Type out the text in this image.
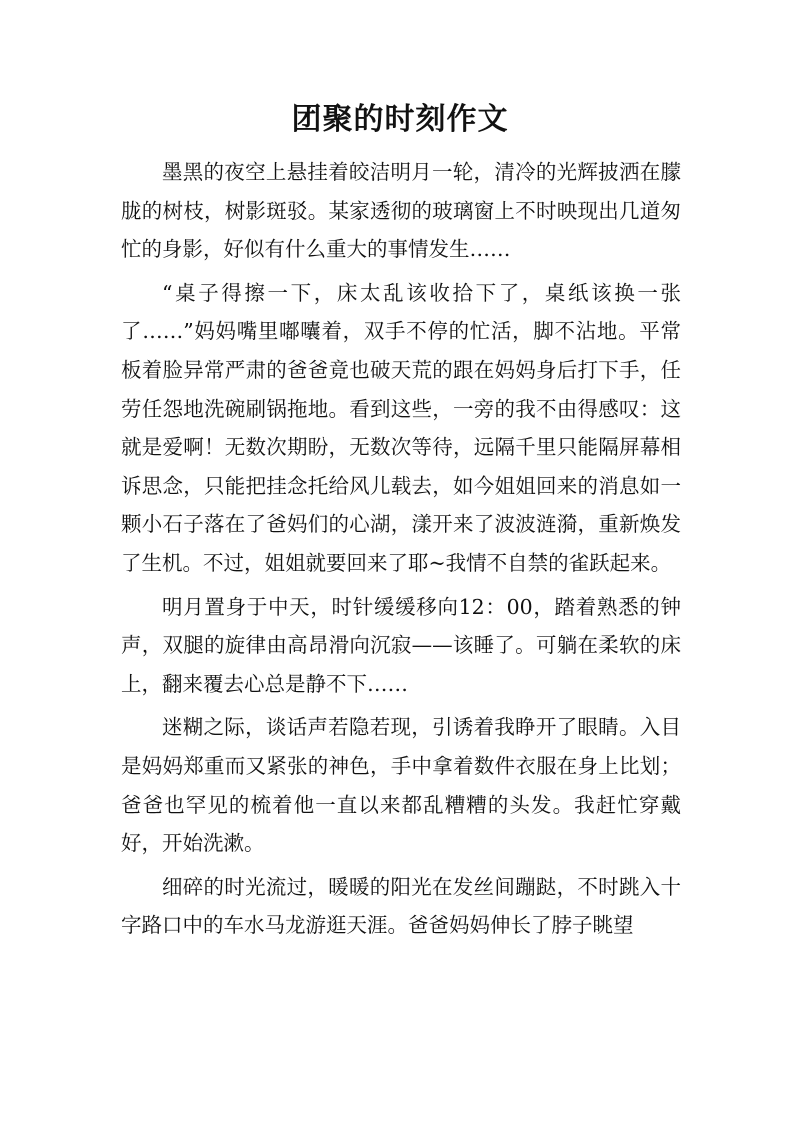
团聚的时刻作文

墨黑的夜空上悬挂着皎洁明月一轮，清冷的光辉披洒在朦胧的树枝，树影斑驳。某家透彻的玻璃窗上不时映现出几道匆忙的身影，好似有什么重大的事情发生……

“桌子得擦一下，床太乱该收拾下了，桌纸该换一张了……”妈妈嘴里嘟囔着，双手不停的忙活，脚不沾地。平常板着脸异常严肃的爸爸竟也破天荒的跟在妈妈身后打下手，任劳任怨地洗碗刷锅拖地。看到这些，一旁的我不由得感叹：这就是爱啊！无数次期盼，无数次等待，远隔千里只能隔屏幕相诉思念，只能把挂念托给风儿载去，如今姐姐回来的消息如一颗小石子落在了爸妈们的心湖，漾开来了波波涟漪，重新焕发了生机。不过，姐姐就要回来了耶~我情不自禁的雀跃起来。

明月置身于中天，时针缓缓移向12：00，踏着熟悉的钟声，双腿的旋律由高昂滑向沉寂——该睡了。可躺在柔软的床上，翻来覆去心总是静不下……

迷糊之际，谈话声若隐若现，引诱着我睁开了眼睛。入目是妈妈郑重而又紧张的神色，手中拿着数件衣服在身上比划；爸爸也罕见的梳着他一直以来都乱糟糟的头发。我赶忙穿戴好，开始洗漱。

细碎的时光流过，暖暖的阳光在发丝间蹦跶，不时跳入十字路口中的车水马龙游逛天涯。爸爸妈妈伸长了脖子眺望
